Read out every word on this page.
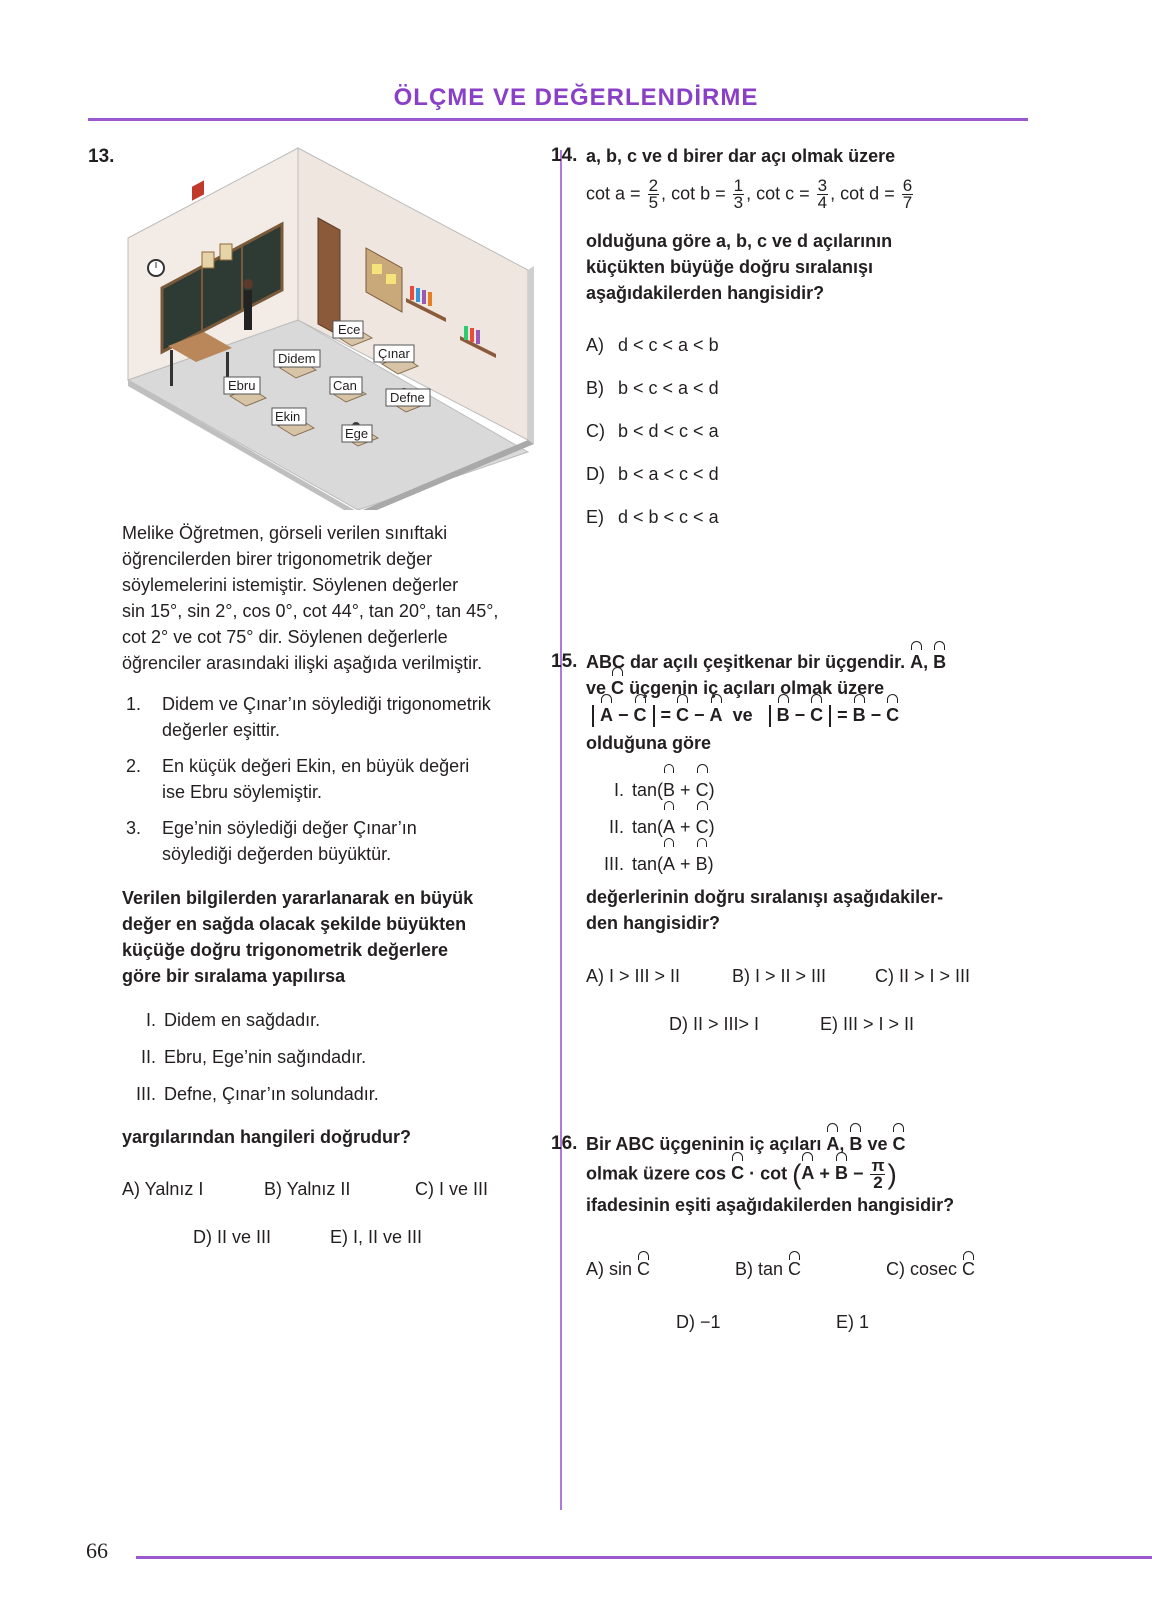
ÖLÇME VE DEĞERLENDİRME
13.
Ece
Didem	Çınar
Ebru	Can
Defne
Ekin
Ege
Melike Öğretmen, görseli verilen sınıftaki
öğrencilerden birer trigonometrik değer
söylemelerini istemiştir. Söylenen değerler
sin 15°, sin 2°, cos 0°, cot 44°, tan 20°, tan 45°,
cot 2° ve cot 75° dir. Söylenen değerlerle
öğrenciler arasındaki ilişki aşağıda verilmiştir.
1.	Didem ve Çınar’ın söylediği trigonometrik
değerler eşittir.
2.	En küçük değeri Ekin, en büyük değeri
ise Ebru söylemiştir.
3.	Ege’nin söylediği değer Çınar’ın
söylediği değerden büyüktür.
Verilen bilgilerden yararlanarak en büyük
değer en sağda olacak şekilde büyükten
küçüğe doğru trigonometrik değerlere
göre bir sıralama yapılırsa
I. Didem en sağdadır.
II. Ebru, Ege’nin sağındadır.
III. Defne, Çınar’ın solundadır.
yargılarından hangileri doğrudur?
A) Yalnız I	B) Yalnız II	C) I ve III
D) II ve III	E) I, II ve III
14. a, b, c ve d birer dar açı olmak üzere
$\cot a = \frac{2}{5}$ , $\cot b = \frac{1}{3}$ , $\cot c = \frac{3}{4}$ , $\cot d = \frac{6}{7}$
olduğuna göre a, b, c ve d açılarının
küçükten büyüğe doğru sıralanışı
aşağıdakilerden hangisidir?
A) d < c < a < b
B) b < c < a < d
C) b < d < c < a
D) b < a < c < d
E) d < b < c < a
15. ABC dar açılı çeşitkenar bir üçgendir. A, B
ve C üçgenin iç açıları olmak üzere
A − C = C − A ve B − C = B − C
olduğuna göre
I. tan(B + C)
II. tan(A + C)
III. tan(A + B)
değerlerinin doğru sıralanışı aşağıdakiler-
den hangisidir?
A) I > III > II	B) I > II > III	C) II > I > III
D) II > III> I	E) III > I > II
16. Bir ABC üçgeninin iç açıları A, B ve C
olmak üzere $\cos C \cdot \cot (A + B - \frac{\pi}{2}$ )
ifadesinin eşiti aşağıdakilerden hangisidir?
A) sin C	B) tan C	C) cosec C
D) −1	E) 1
66
